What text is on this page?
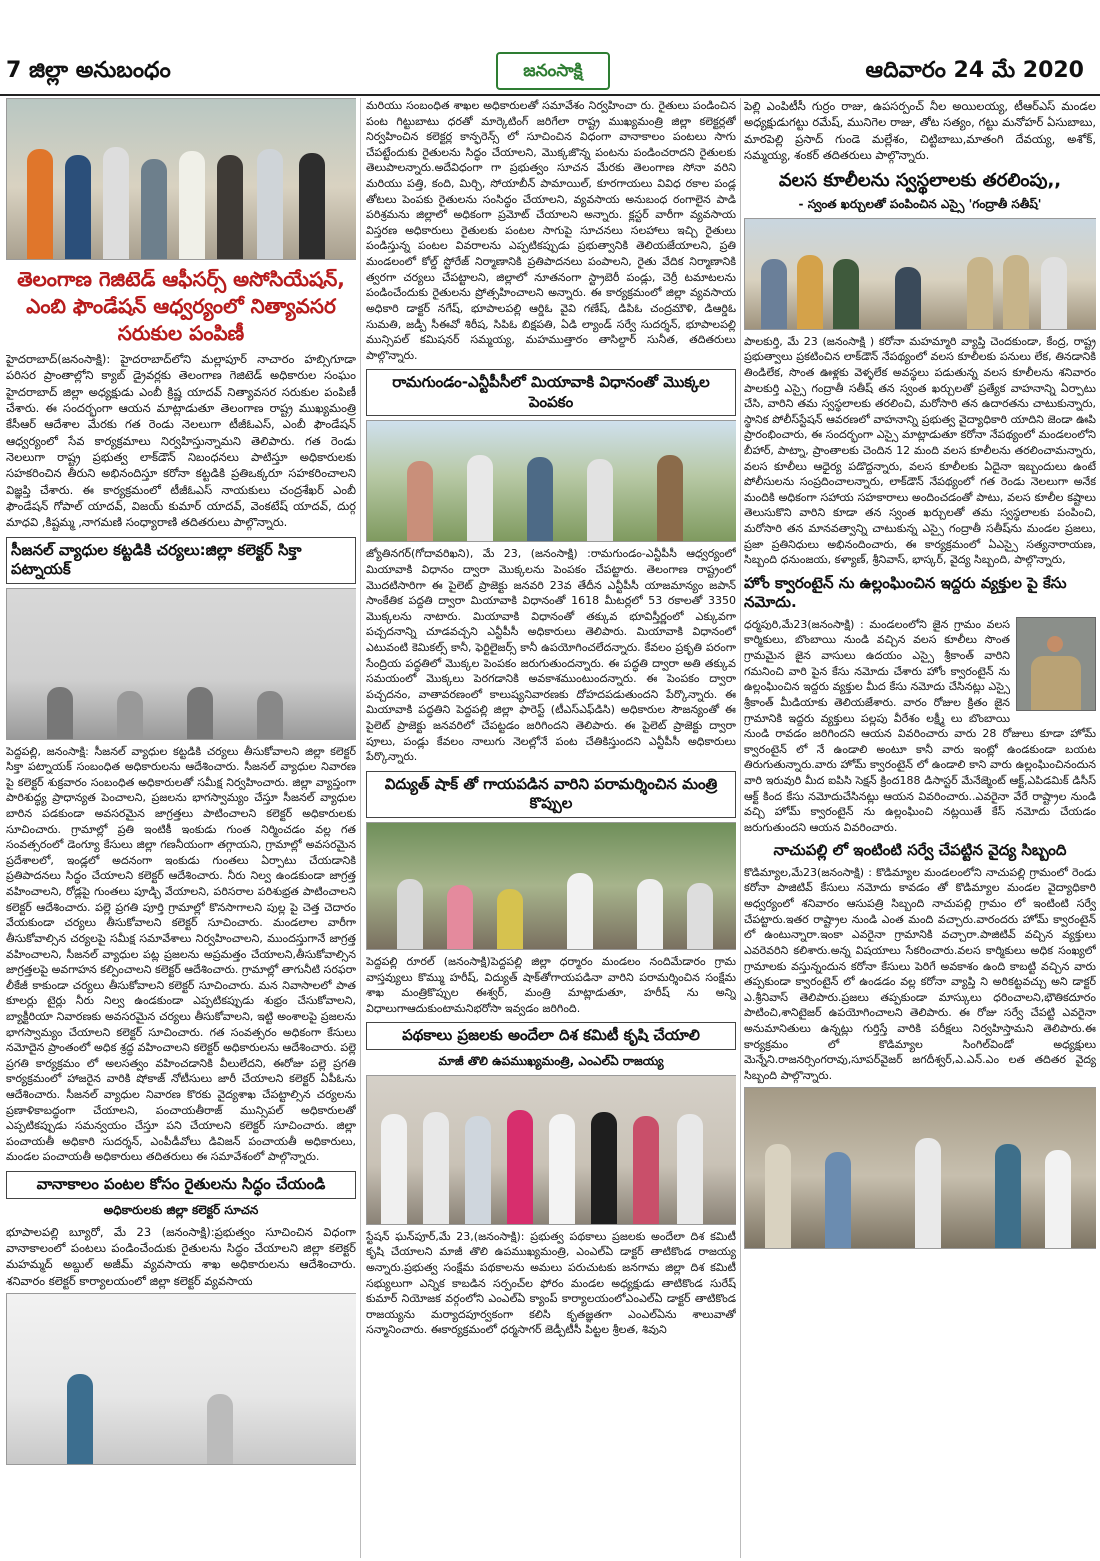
7 జిల్లా అనుబంధం	జనంసాక్షి	ఆదివారం 24 మే 2020
తెలంగాణ గెజిటెడ్ ఆఫీసర్స్ అసోసియేషన్, ఎంబి ఫౌండేషన్ ఆధ్వర్యంలో నిత్యావసర సరుకుల పంపిణీ
హైదరాబాద్(జనంసాక్షి): హైదరాబాద్‌లోని మల్లాపూర్ నాచారం హబ్సిగూడా పరిసర ప్రాంతాల్లోని క్యాబ్ డ్రైవర్లకు తెలంగాణ గెజిటెడ్ అధికారుల సంఘం హైదరాబాద్ జిల్లా అధ్యక్షుడు ఎంబీ క్రిష్ణ యాదవ్ నిత్యావసర సరుకుల పంపిణీ చేశారు. ఈ సందర్భంగా ఆయన మాట్లాడుతూ తెలంగాణ రాష్ట్ర ముఖ్యమంత్రి కేసీఆర్ ఆదేశాల మేరకు గత రెండు నెలలుగా టీజీఓఎస్, ఎంబీ ఫౌండేషన్ ఆధ్వర్యంలో సేవ కార్యక్రమాలు నిర్వహిస్తున్నామని తెలిపారు. గత రెండు నెలలుగా రాష్ట్ర ప్రభుత్వ లాక్‌డౌన్ నిబంధనలు పాటిస్తూ అధికారులకు సహకరించిన తీరుని అభినందిస్తూ కరోనా కట్టడికి ప్రతిఒక్కరూ సహకరించాలని విజ్ఞప్తి చేశారు. ఈ కార్యక్రమంలో టీజీఓఎస్ నాయకులు చంద్రశేఖర్ ఎంబీ ఫౌండేషన్ గోపాల్ యాదవ్, విజయ్ కుమార్ యాదవ్, వెంకటేష్ యాదవ్, దుర్గ మాధవి ,కిష్టమ్మ ,నాగమణి సంధ్యారాణి తదితరులు పాల్గొన్నారు.
సీజనల్ వ్యాధుల కట్టడికి చర్యలు:జిల్లా కలెక్టర్ సిక్తా పట్నాయక్
పెద్దపల్లి, జనంసాక్షి: సీజనల్ వ్యాధుల కట్టడికి చర్యలు తీసుకోవాలని జిల్లా కలెక్టర్ సిక్తా పట్నాయక్ సంబంధిత అధికారులను ఆదేశించారు. సీజనల్ వ్యాధుల నివారణ పై కలెక్టర్ శుక్రవారం సంబంధిత అధికారులతో సమీక్ష నిర్వహించారు. జిల్లా వ్యాప్తంగా పారిశుద్ధ్య ప్రాధాన్యత పెంచాలని, ప్రజలను భాగస్వామ్యం చేస్తూ సీజనల్ వ్యాధుల బారిన పడకుండా అవసరమైన జాగ్రత్తలు పాటించాలని కలెక్టర్ అధికారులకు సూచించారు. గ్రామాల్లో ప్రతి ఇంటికీ ఇంకుడు గుంత నిర్మించడం వల్ల గత సంవత్సరంలో డెంగ్యూ కేసులు జిల్లా గణనీయంగా తగ్గాయని, గ్రామాల్లో అవసరమైన ప్రదేశాలలో, ఇండ్లలో అదనంగా ఇంకుడు గుంతలు ఏర్పాటు చేయడానికి ప్రతిపాదనలు సిద్ధం చేయాలని కలెక్టర్ ఆదేశించారు. నీరు నిల్వ ఉండకుండా జాగ్రత్త వహించాలని, రోడ్లపై గుంతలు పూడ్చి వేయాలని, పరిసరాల పరిశుభ్రత పాటించాలని కలెక్టర్ ఆదేశించారు. పల్లె ప్రగతి పూర్తి గ్రామాల్లో కొనసాగాలని పుల్ల పై చెత్త చెదారం వేయకుండా చర్యలు తీసుకోవాలని కలెక్టర్ సూచించారు. మండలాల వారీగా తీసుకోవాల్సిన చర్యలపై సమీక్ష సమావేశాలు నిర్వహించాలని, ముందస్తుగానే జాగ్రత్త వహించాలని, సీజనల్ వ్యాధుల పట్ల ప్రజలను అప్రమత్తం చేయాలని,తీసుకోవాల్సిన జాగ్రత్తలపై అవగాహన కల్పించాలని కలెక్టర్ ఆదేశించారు. గ్రామాల్లో తాగునీటి సరఫరా లీకేజీ కాకుండా చర్యలు తీసుకోవాలని కలెక్టర్ సూచించారు. మన నివాసాలలో పాత కూలర్లు టైర్లు నీరు నిల్వ ఉండకుండా ఎప్పటికప్పుడు శుభ్రం చేసుకోవాలని, బ్యాక్టీరియా నివారణకు అవసరమైన చర్యలు తీసుకోవాలని, ఇట్టి అంశాలపై ప్రజలను భాగస్వామ్యం చేయాలని కలెక్టర్ సూచించారు. గత సంవత్సరం అధికంగా కేసులు నమోదైన ప్రాంతంలో అధిక శ్రద్ధ వహించాలని కలెక్టర్ అధికారులను ఆదేశించారు. పల్లె ప్రగతి కార్యక్రమం లో అలసత్వం వహించడానికి వీలులేదని, ఈరోజు పల్లె ప్రగతి కార్యక్రమంలో హాజరైన వారికి షోకాజ్ నోటీసులు జారీ చేయాలని కలెక్టర్ ఏపీఓను ఆదేశించారు. సీజనల్ వ్యాధుల నివారణ కొరకు వైద్యశాఖ చేపట్టాల్సిన చర్యలను ప్రణాళికాబద్ధంగా చేయాలని, పంచాయతీరాజ్ మున్సిపల్ అధికారులతో ఎప్పటికప్పుడు సమన్వయం చేస్తూ పని చేయాలని కలెక్టర్ సూచించారు. జిల్లా పంచాయతీ అధికారి సుదర్శన్, ఎంపీడీవోలు డివిజన్ పంచాయతీ అధికారులు, మండల పంచాయతీ అధికారులు తదితరులు ఈ సమావేశంలో పాల్గొన్నారు.
వానాకాలం పంటల కోసం రైతులను సిద్ధం చేయండి
అధికారులకు జిల్లా కలెక్టర్ సూచన
భూపాలపల్లి బ్యూరో, మే 23 (జనంసాక్షి):ప్రభుత్వం సూచించిన విధంగా వానాకాలంలో పంటలు పండించేందుకు రైతులను సిద్ధం చేయాలని జిల్లా కలెక్టర్ మహమ్మద్ అబ్దుల్ అజీమ్ వ్యవసాయ శాఖ అధికారులను ఆదేశించారు. శనివారం కలెక్టర్ కార్యాలయంలో జిల్లా కలెక్టర్ వ్యవసాయ
మరియు సంబంధిత శాఖల అధికారులతో సమావేశం నిర్వహించా రు. రైతులు పండించిన పంట గిట్టుబాటు ధరతో మార్కెటింగ్ జరిగేలా రాష్ట్ర ముఖ్యమంత్రి జిల్లా కలెక్టర్లతో నిర్వహించిన కలెక్టర్ల కాన్ఫరెన్స్ లో సూచించిన విధంగా వానాకాలం పంటలు సాగు చేపట్టేందుకు రైతులను సిద్ధం చేయాలని, మొక్కజొన్న పంటను పండించరాదని రైతులకు తెలుపాలన్నారు.అదేవిధంగా గా ప్రభుత్వం సూచన మేరకు తెలంగాణ సోనా వరిని మరియు పత్తి, కంది, మిర్చి, సోయాబీన్ పామాయిల్, కూరగాయలు వివిధ రకాల పండ్ల తోటలు పెంపకు రైతులను సంసిద్ధం చేయాలని, వ్యవసాయ అనుబంధ రంగాలైన పాడి పరిశ్రమను జిల్లాలో అధికంగా ప్రమోట్ చేయాలని అన్నారు. క్లస్టర్ వారీగా వ్యవసాయ విస్తరణ అధికారులు రైతులకు పంటల సాగుపై సూచనలు సలహాలు ఇచ్చి రైతులు పండిస్తున్న పంటల వివరాలను ఎప్పటికప్పుడు ప్రభుత్వానికి తెలియజేయాలని, ప్రతి మండలంలో కోల్డ్ స్టోరేజ్ నిర్మాణానికి ప్రతిపాదనలు పంపాలని, రైతు వేదిక నిర్మాణానికి త్వరగా చర్యలు చేపట్టాలని, జిల్లాలో నూతనంగా స్ట్రాబెరీ పండ్లు, చెర్రీ టమాటలను పండించేందుకు రైతులను ప్రోత్సహించాలని అన్నారు. ఈ కార్యక్రమంలో జిల్లా వ్యవసాయ అధికారి డాక్టర్ నగేష్, భూపాలపల్లి ఆర్డిఓ వైవి గణేష్, డిపిఓ చంద్రమౌళి, డిఆర్డిఓ సుమతి, జడ్పీ సీఈవో శిరీష, సిపిఓ బిక్షపతి, ఏడి ల్యాండ్ సర్వే సుదర్శన్, భూపాలపల్లి మున్సిపల్ కమిషనర్ సమ్మయ్య, మహముత్తారం తాసిల్దార్ సునీత, తదితరులు పాల్గొన్నారు.
రామగుండం-ఎన్టీపీసీలో మియావాకి విధానంతో మొక్కల పెంపకం
జ్యోతినగర్(గోదావరిఖని), మే 23, (జనంసాక్షి) :రామగుండం-ఎన్టీపీసీ ఆధ్వర్యంలో మియావాకి విధానం ద్వారా మొక్కలను పెంపకం చేపట్టారు. తెలంగాణ రాష్ట్రంలో మొదటిసారిగా ఈ పైలెట్ ప్రాజెక్టు జనవరి 23వ తేదీన ఎన్టీపీసీ యాజమాన్యం జపాన్ సాంకేతిక పద్దతి ద్వారా మియావాకి విధానంతో 1618 మీటర్లలో 53 రకాలతో 3350 మొక్కలను నాటారు. మియావాకి విధానంతో తక్కువ భూవిస్తీర్ణంలో ఎక్కువగా పచ్చదనాన్ని చూడవచ్చని ఎన్టీపీసీ అధికారులు తెలిపారు. మియావాకి విధానంలో ఎటువంటి కెమికల్స్ కానీ, ఫెర్టిలైజర్స్ కానీ ఉపయోగించలేదన్నారు. కేవలం ప్రకృతి పరంగా సేంద్రియ పద్ధతిలో మొక్కల పెంపకం జరుగుతుందన్నారు. ఈ పద్ధతి ద్వారా అతి తక్కువ సమయంలో మొక్కలు పెరగడానికి అవకాశముంటుందన్నారు. ఈ పెంపకం ద్వారా పచ్చదనం, వాతావరణంలో కాలుష్యనివారణకు దోహదపడుతుందని పేర్కొన్నారు. ఈ మియావాకి పద్ధతిని పెద్దపల్లి జిల్లా ఫారెస్ట్ (టీఎస్ఎఫ్‌డిసి) అధికారుల సౌజన్యంతో ఈ పైలెట్ ప్రాజెక్టు జనవరిలో చేపట్టడం జరిగిందని తెలిపారు. ఈ పైలెట్ ప్రాజెక్టు ద్వారా పూలు, పండ్లు కేవలం నాలుగు నెలల్లోనే పంట చేతికిస్తుందని ఎన్టీపీసీ అధికారులు పేర్కొన్నారు.
విద్యుత్ షాక్ తో గాయపడిన వారిని పరామర్శించిన మంత్రి కొప్పుల
పెద్దపల్లి రూరల్ (జనంసాక్షి)పెద్దపల్లి జిల్లా ధర్మారం మండలం నందిమేడారం గ్రామ వాస్తవ్యులు కొమ్ము హరీష్, విద్యుత్ షాక్‌తోగాయపడినా వారిని పరామర్శించిన సంక్షేమ శాఖ మంత్రికొప్పుల ఈశ్వర్, మంత్రి మాట్లాడుతూ, హరీష్ ను అన్ని విధాలుగాఆదుకుంటామనిభరోసా ఇవ్వడం జరిగింది.
పథకాలు ప్రజలకు అందేలా దిశ కమిటీ కృషి చేయాలి
మాజీ తొలి ఉపముఖ్యమంత్రి, ఎంఎల్‌ఏ రాజయ్య
స్టేషన్ ఘన్‌పూర్,మే 23,(జనంసాక్షి): ప్రభుత్వ పథకాలు ప్రజలకు అందేలా దిశ కమిటీ కృషి చేయాలని మాజీ తొలి ఉపముఖ్యమంత్రి, ఎంఎల్‌ఏ డాక్టర్ తాటికొండ రాజయ్య అన్నారు.ప్రభుత్వ సంక్షేమ పథకాలను అమలు పరుచుటకు జనగామ జిల్లా దిశ కమిటీ సభ్యులుగా ఎన్నిక కాబడిన సర్పంచ్‌ల ఫోరం మండల అధ్యక్షుడు తాటికొండ సురేష్ కుమార్ నియోజక వర్గంలోని ఎంఎల్ఏ క్యాంప్ కార్యాలయంలోఎంఎల్ఏ డాక్టర్ తాటికొండ రాజయ్యను మర్యాదపూర్వకంగా కలిసి కృతజ్ఞతగా ఎంఎల్ఏను శాలువాతో సన్మానించారు. ఈకార్యక్రమంలో ధర్మసాగర్ జెడ్పీటీసీ పిట్టల శ్రీలత, శివుని
పెల్లి ఎంపిటీసీ గుర్రం రాజు, ఉపసర్పంచ్ నీల అయిలయ్య, టీఆర్ఎస్ మండల అధ్యక్షుడుగట్టు రమేష్, మునిగెల రాజు, తోట సత్యం, గట్టు మనోహర్ ఏసుబాబు, మారపెల్లి ప్రసాద్ గుండె మల్లేశం, చిట్టిబాబు,మాతంగి దేవయ్య, అశోక్, సమ్మయ్య, శంకర్ తదితరులు పాల్గొన్నారు.
వలస కూలీలను స్వస్థలాలకు తరలింపు,,
- స్వంత ఖర్చులతో పంపించిన ఎస్సై 'గంద్రాతీ సతీష్'
పాలకుర్తి, మే 23 (జనంసాక్షి ) కరోనా మహమ్మారి వ్యాప్తి చెందకుండా, కేంద్ర, రాష్ట్ర ప్రభుత్వాలు ప్రకటించిన లాక్‌డౌన్ నేపథ్యంలో వలస కూలీలకు పనులు లేక, తినడానికి తిండిలేక, సొంత ఊళ్లకు వెళ్ళలేక అవస్థలు పడుతున్న వలస కూలీలను శనివారం పాలకుర్తి ఎస్సై గంద్రాతీ సతీష్ తన స్వంత ఖర్చులతో ప్రత్యేక వాహనాన్ని ఏర్పాటు చేసి, వారిని తమ స్వస్థలాలకు తరలించి, మరోసారి తన ఉదారతను చాటుకున్నారు, స్థానిక పోలీస్‌స్టేషన్ ఆవరణలో వాహనాన్ని ప్రభుత్వ వైద్యాధికారి యాదిని జెండా ఊపి ప్రారంభించారు, ఈ సందర్భంగా ఎస్సై మాట్లాడుతూ కరోనా నేపథ్యంలో మండలంలోని బీహార్, పాట్నా, ప్రాంతాలకు చెందిన 12 మంది వలస కూలీలను తరలించామన్నారు, వలస కూలీలు ఆధైర్య పడొద్దన్నారు, వలస కూలీలకు ఏదైనా ఇబ్బందులు ఉంటే పోలీసులను సంప్రదించాలన్నారు, లాక్‌డౌన్ నేపథ్యంలో గత రెండు నెలలుగా అనేక మందికి అధికంగా సహాయ సహకారాలు అందించడంతో పాటు, వలస కూలీల కష్టాలు తెలుసుకొని వారిని కూడా తన స్వంత ఖర్చులతో తమ స్వస్థలాలకు పంపించి, మరోసారి తన మానవత్వాన్ని చాటుకున్న ఎస్సై గంద్రాతీ సతీష్‌ను మండల ప్రజలు, ప్రజా ప్రతినిధులు అభినందించారు, ఈ కార్యక్రమంలో ఏఎస్సై సత్యనారాయణ, సిబ్బంది ధనుంజయ, కళ్యాణ్, శ్రీనివాస్, భాస్కర్, వైద్య సిబ్బంది, పాల్గొన్నారు,
హోం క్వారంటైన్ ను ఉల్లంఘించిన ఇద్దరు వ్యక్తుల పై కేసు నమోదు.
ధర్మపురి,మే23(జనంసాక్షి) : మండలంలోని జైన గ్రామం వలస కార్మికులు, బొంబాయి నుండి వచ్చిన వలస కూలీలు సొంత గ్రామమైన జైన వాసులు ఉదయం ఎస్సై శ్రీకాంత్ వారిని గమనించి వారి పైన కేసు నమోదు చేశారు హోం క్వారంటైన్ ను ఉల్లంఘించిన ఇద్దరు వ్యక్తుల మీద కేసు నమోదు చేసినట్లు ఎస్సై శ్రీకాంత్ మీడియాకు తెలియజేశారు. వారం రోజుల క్రితం జైన గ్రామానికి ఇద్దరు వ్యక్తులు పల్లపు వీరేశం లక్ష్మీ లు బొంబాయి నుండి రావడం జరిగిందని ఆయన వివరించారు వారు 28 రోజులు కూడా హోమ్ క్వారంటైన్ లో నే ఉండాలి అంటూ కానీ వారు ఇంట్లో ఉండకుండా బయట తిరుగుతున్నారు.వారు హోమ్ క్వారంటైన్ లో ఉండాలి కాని వారు ఉల్లంఘించినందున వారి ఇరువురి మీద ఐపిసి సెక్షన్ క్రింద188 డిసాస్టర్ మేనేజ్మెంట్ ఆక్ట్,ఎపిడమిక్ డిసీస్ ఆక్ట్ కింద కేసు నమోదుచేసినట్లు ఆయన వివరించారు..ఎవరైనా వేరే రాష్ట్రాల నుండి వచ్చి హోమ్ క్వారంటైన్ ను ఉల్లంఘించి నట్లయితే కేస్ నమోదు చేయడం జరుగుతుందని ఆయన వివరించారు.
నాచుపల్లి లో ఇంటింటి సర్వే చేపట్టిన వైద్య సిబ్బంది
కొడిమ్యాల,మే23(జనంసాక్షి) : కొడిమ్యాల మండలంలోని నాచుపల్లి గ్రామంలో రెండు కరోనా పాజిటివ్ కేసులు నమోదు కావడం తో కొడిమ్యాల మండల వైద్యాధికారి అధ్వర్యంలో శనివారం ఆసుపత్రి సిబ్బంది నాచుపల్లి గ్రామం లో ఇంటింటి సర్వే చేపట్టారు.ఇతర రాష్ట్రాల నుండి ఎంత మంది వచ్చారు.వారందరు హోమ్ క్వారంటైన్ లో ఉంటున్నారా.ఇంకా ఎవరైనా గ్రామానికి వచ్చారా.పాజిటివ్ వచ్చిన వ్యక్తులు ఎవరెవరిని కలిశారు.అన్న విషయాలు సేకరించారు.వలస కార్మికులు అధిక సంఖ్యలో గ్రామాలకు వస్తున్నందున కరోనా కేసులు పెరిగే అవకాశం ఉంది కాబట్టి వచ్చిన వారు తప్పకుండా క్వారంటైన్ లో ఉండడం వల్ల కరోనా వ్యాప్తి ని అరికట్టవచ్చు అని డాక్టర్ ఎ.శ్రీనివాస్ తెలిపారు.ప్రజలు తప్పకుండా మాస్కులు ధరించాలని,భౌతికదూరం పాటించి,శానిటైజర్ ఉపయోగించాలని తెలిపారు. ఈ రోజు సర్వే చేపట్టి ఎవరైనా అనుమానితులు ఉన్నట్లు గుర్తిస్తే వారికి పరీక్షలు నిర్వహిస్తామని తెలిపారు.ఈ కార్యక్రమం లో కొడిమ్యాల సింగిల్‌విండో అధ్యక్షులు మెన్నేని.రాజనర్సింగరావు,సూపర్‌వైజర్ జగదీశ్వర్,ఎ.ఎన్.ఎం లత తదితర వైద్య సిబ్బంది పాల్గొన్నారు.
